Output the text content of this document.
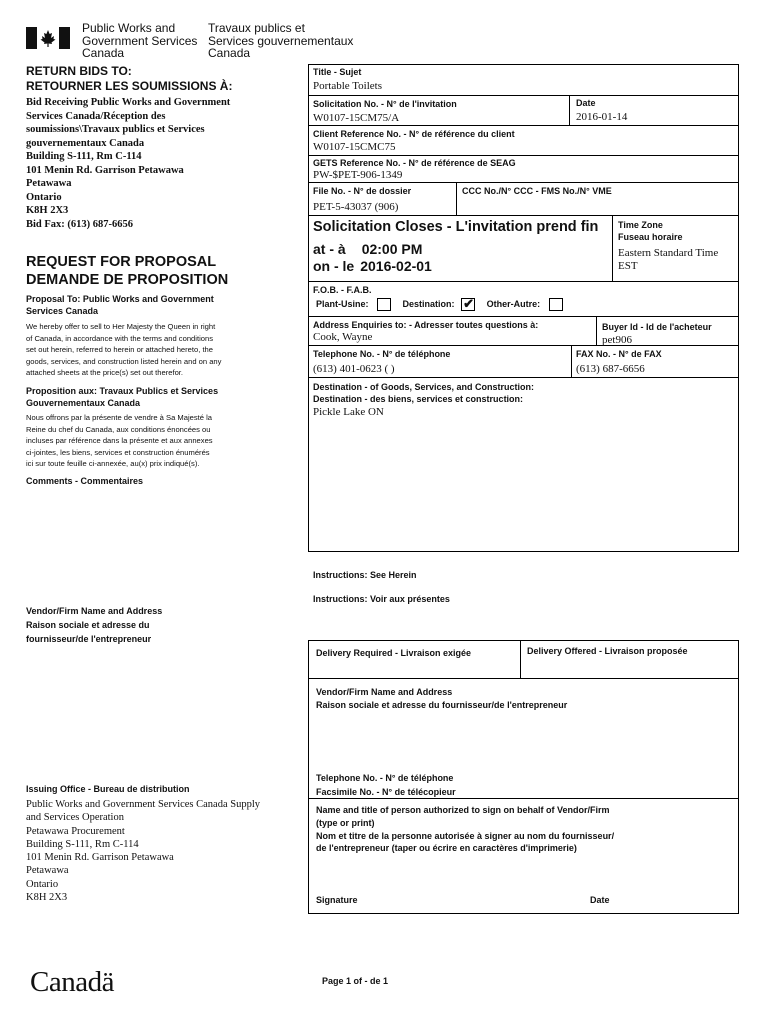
Public Works and
Government Services
Canada
Travaux publics et
Services gouvernementaux
Canada
RETURN BIDS TO:
RETOURNER LES SOUMISSIONS À:
Bid Receiving Public Works and Government
Services Canada/Réception des
soumissions\Travaux publics et Services
gouvernementaux Canada
Building S-111, Rm C-114
101 Menin Rd. Garrison Petawawa
Petawawa
Ontario
K8H 2X3
Bid Fax: (613) 687-6656
REQUEST FOR PROPOSAL
DEMANDE DE PROPOSITION
Proposal To: Public Works and Government
Services Canada
We hereby offer to sell to Her Majesty the Queen in right
of Canada, in accordance with the terms and conditions
set out herein, referred to herein or attached hereto, the
goods, services, and construction listed herein and on any
attached sheets at the price(s) set out therefor.
Proposition aux: Travaux Publics et Services
Gouvernementaux Canada
Nous offrons par la présente de vendre à Sa Majesté la
Reine du chef du Canada, aux conditions énoncées ou
incluses par référence dans la présente et aux annexes
ci-jointes, les biens, services et construction énumérés
ici sur toute feuille ci-annexée, au(x) prix indiqué(s).
Comments - Commentaires
Vendor/Firm Name and Address
Raison sociale et adresse du
fournisseur/de l'entrepreneur
Issuing Office - Bureau de distribution
Public Works and Government Services Canada Supply
and Services Operation
Petawawa Procurement
Building S-111, Rm C-114
101 Menin Rd. Garrison Petawawa
Petawawa
Ontario
K8H 2X3
Title - Sujet
Portable Toilets
Solicitation No. - N° de l'invitation
W0107-15CM75/A
Date
2016-01-14
Client Reference No. - N° de référence du client
W0107-15CMC75
GETS Reference No. - N° de référence de SEAG
PW-$PET-906-1349
File No. - N° de dossier
PET-5-43037 (906)
CCC No./N° CCC - FMS No./N° VME
Solicitation Closes - L'invitation prend fin
at - à 02:00 PM
on - le 2016-02-01
Time Zone
Fuseau horaire
Eastern Standard Time
EST
F.O.B. - F.A.B.
Plant-Usine:	Destination: ✔ Other-Autre:
Address Enquiries to: - Adresser toutes questions à:
Cook, Wayne
Buyer Id - Id de l'acheteur
pet906
Telephone No. - N° de téléphone
(613) 401-0623 ( )
FAX No. - N° de FAX
(613) 687-6656
Destination - of Goods, Services, and Construction:
Destination - des biens, services et construction:
Pickle Lake ON
Instructions: See Herein
Instructions: Voir aux présentes
Delivery Required - Livraison exigée	Delivery Offered - Livraison proposée
Vendor/Firm Name and Address
Raison sociale et adresse du fournisseur/de l'entrepreneur
Telephone No. - N° de téléphone
Facsimile No. - N° de télécopieur
Name and title of person authorized to sign on behalf of Vendor/Firm
(type or print)
Nom et titre de la personne autorisée à signer au nom du fournisseur/
de l'entrepreneur (taper ou écrire en caractères d'imprimerie)
Signature	Date
Canadä	Page 1 of - de 1
